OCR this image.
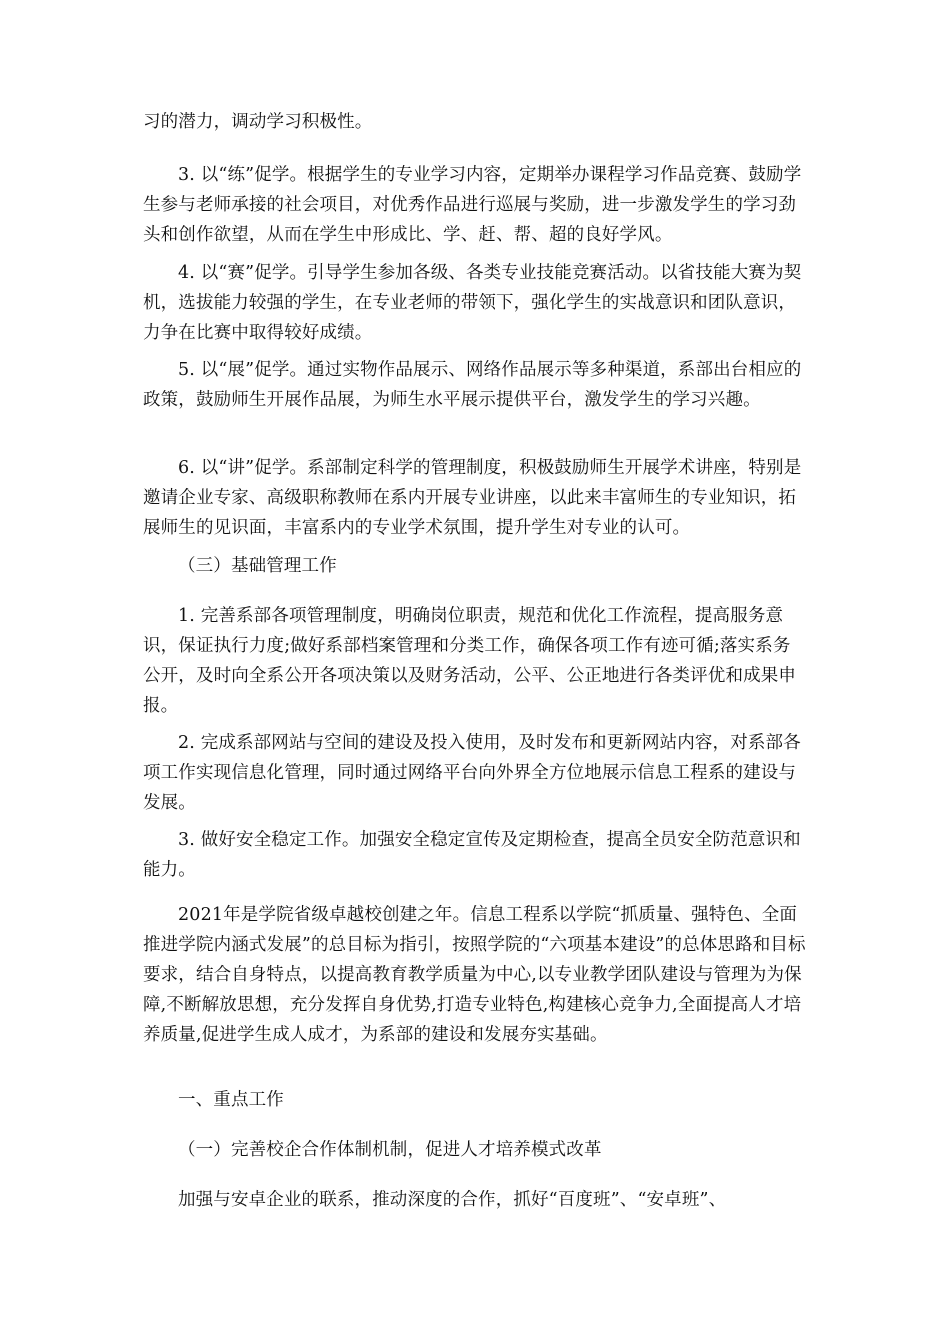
习的潜力，调动学习积极性。

3. 以“练”促学。根据学生的专业学习内容，定期举办课程学习作品竞赛、鼓励学生参与老师承接的社会项目，对优秀作品进行巡展与奖励，进一步激发学生的学习劲头和创作欲望，从而在学生中形成比、学、赶、帮、超的良好学风。

4. 以“赛”促学。引导学生参加各级、各类专业技能竞赛活动。以省技能大赛为契机，选拔能力较强的学生，在专业老师的带领下，强化学生的实战意识和团队意识，力争在比赛中取得较好成绩。

5. 以“展”促学。通过实物作品展示、网络作品展示等多种渠道，系部出台相应的政策，鼓励师生开展作品展，为师生水平展示提供平台，激发学生的学习兴趣。

6. 以“讲”促学。系部制定科学的管理制度，积极鼓励师生开展学术讲座，特别是邀请企业专家、高级职称教师在系内开展专业讲座，以此来丰富师生的专业知识，拓展师生的见识面，丰富系内的专业学术氛围，提升学生对专业的认可。

（三）基础管理工作

1. 完善系部各项管理制度，明确岗位职责，规范和优化工作流程，提高服务意识，保证执行力度;做好系部档案管理和分类工作，确保各项工作有迹可循;落实系务公开，及时向全系公开各项决策以及财务活动，公平、公正地进行各类评优和成果申报。

2. 完成系部网站与空间的建设及投入使用，及时发布和更新网站内容，对系部各项工作实现信息化管理，同时通过网络平台向外界全方位地展示信息工程系的建设与发展。

3. 做好安全稳定工作。加强安全稳定宣传及定期检查，提高全员安全防范意识和能力。

2021年是学院省级卓越校创建之年。信息工程系以学院“抓质量、强特色、全面推进学院内涵式发展”的总目标为指引，按照学院的“六项基本建设”的总体思路和目标要求，结合自身特点，以提高教育教学质量为中心,以专业教学团队建设与管理为为保障,不断解放思想，充分发挥自身优势,打造专业特色,构建核心竞争力,全面提高人才培养质量,促进学生成人成才，为系部的建设和发展夯实基础。

一、重点工作

（一）完善校企合作体制机制，促进人才培养模式改革

加强与安卓企业的联系，推动深度的合作，抓好“百度班”、“安卓班”、
